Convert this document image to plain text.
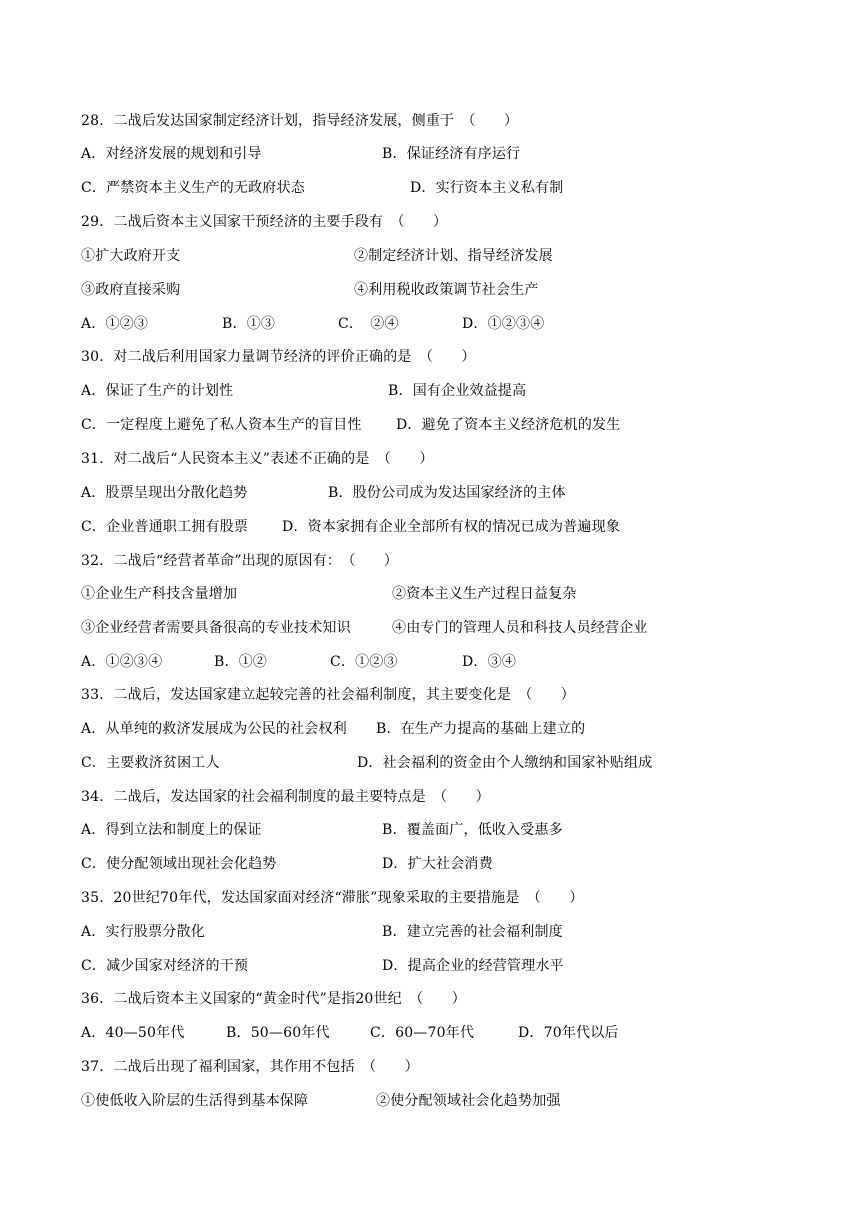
28．二战后发达国家制定经济计划，指导经济发展，侧重于　（　　）
A．对经济发展的规划和引导	B．保证经济有序运行
C．严禁资本主义生产的无政府状态	D．实行资本主义私有制
29．二战后资本主义国家干预经济的主要手段有　（　　）
①扩大政府开支	②制定经济计划、指导经济发展
③政府直接采购	④利用税收政策调节社会生产
A．①②③	B．①③	C．　②④	D．①②③④
30．对二战后利用国家力量调节经济的评价正确的是　（　　）
A．保证了生产的计划性	B．国有企业效益提高
C．一定程度上避免了私人资本生产的盲目性 D．避免了资本主义经济危机的发生
31．对二战后“人民资本主义”表述不正确的是　（　　）
A．股票呈现出分散化趋势	B．股份公司成为发达国家经济的主体
C．企业普通职工拥有股票 D．资本家拥有企业全部所有权的情况已成为普遍现象
32．二战后“经营者革命”出现的原因有：　（　　）
①企业生产科技含量增加	②资本主义生产过程日益复杂
③企业经营者需要具备很高的专业技术知识	④由专门的管理人员和科技人员经营企业
A．①②③④	B．①②	C．①②③	D．③④
33．二战后，发达国家建立起较完善的社会福利制度，其主要变化是　（　　）
A．从单纯的救济发展成为公民的社会权利 B．在生产力提高的基础上建立的
C．主要救济贫困工人	D．社会福利的资金由个人缴纳和国家补贴组成
34．二战后，发达国家的社会福利制度的最主要特点是　（　　）
A．得到立法和制度上的保证	B．覆盖面广，低收入受惠多
C．使分配领域出现社会化趋势	D．扩大社会消费
35．20世纪70年代，发达国家面对经济“滞胀”现象采取的主要措施是　（　　）
A．实行股票分散化	B．建立完善的社会福利制度
C．减少国家对经济的干预	D．提高企业的经营管理水平
36．二战后资本主义国家的“黄金时代”是指20世纪　（　　）
A．40—50年代	B．50—60年代	C．60—70年代	D．70年代以后
37．二战后出现了福利国家，其作用不包括　（　　）
①使低收入阶层的生活得到基本保障	②使分配领域社会化趋势加强
